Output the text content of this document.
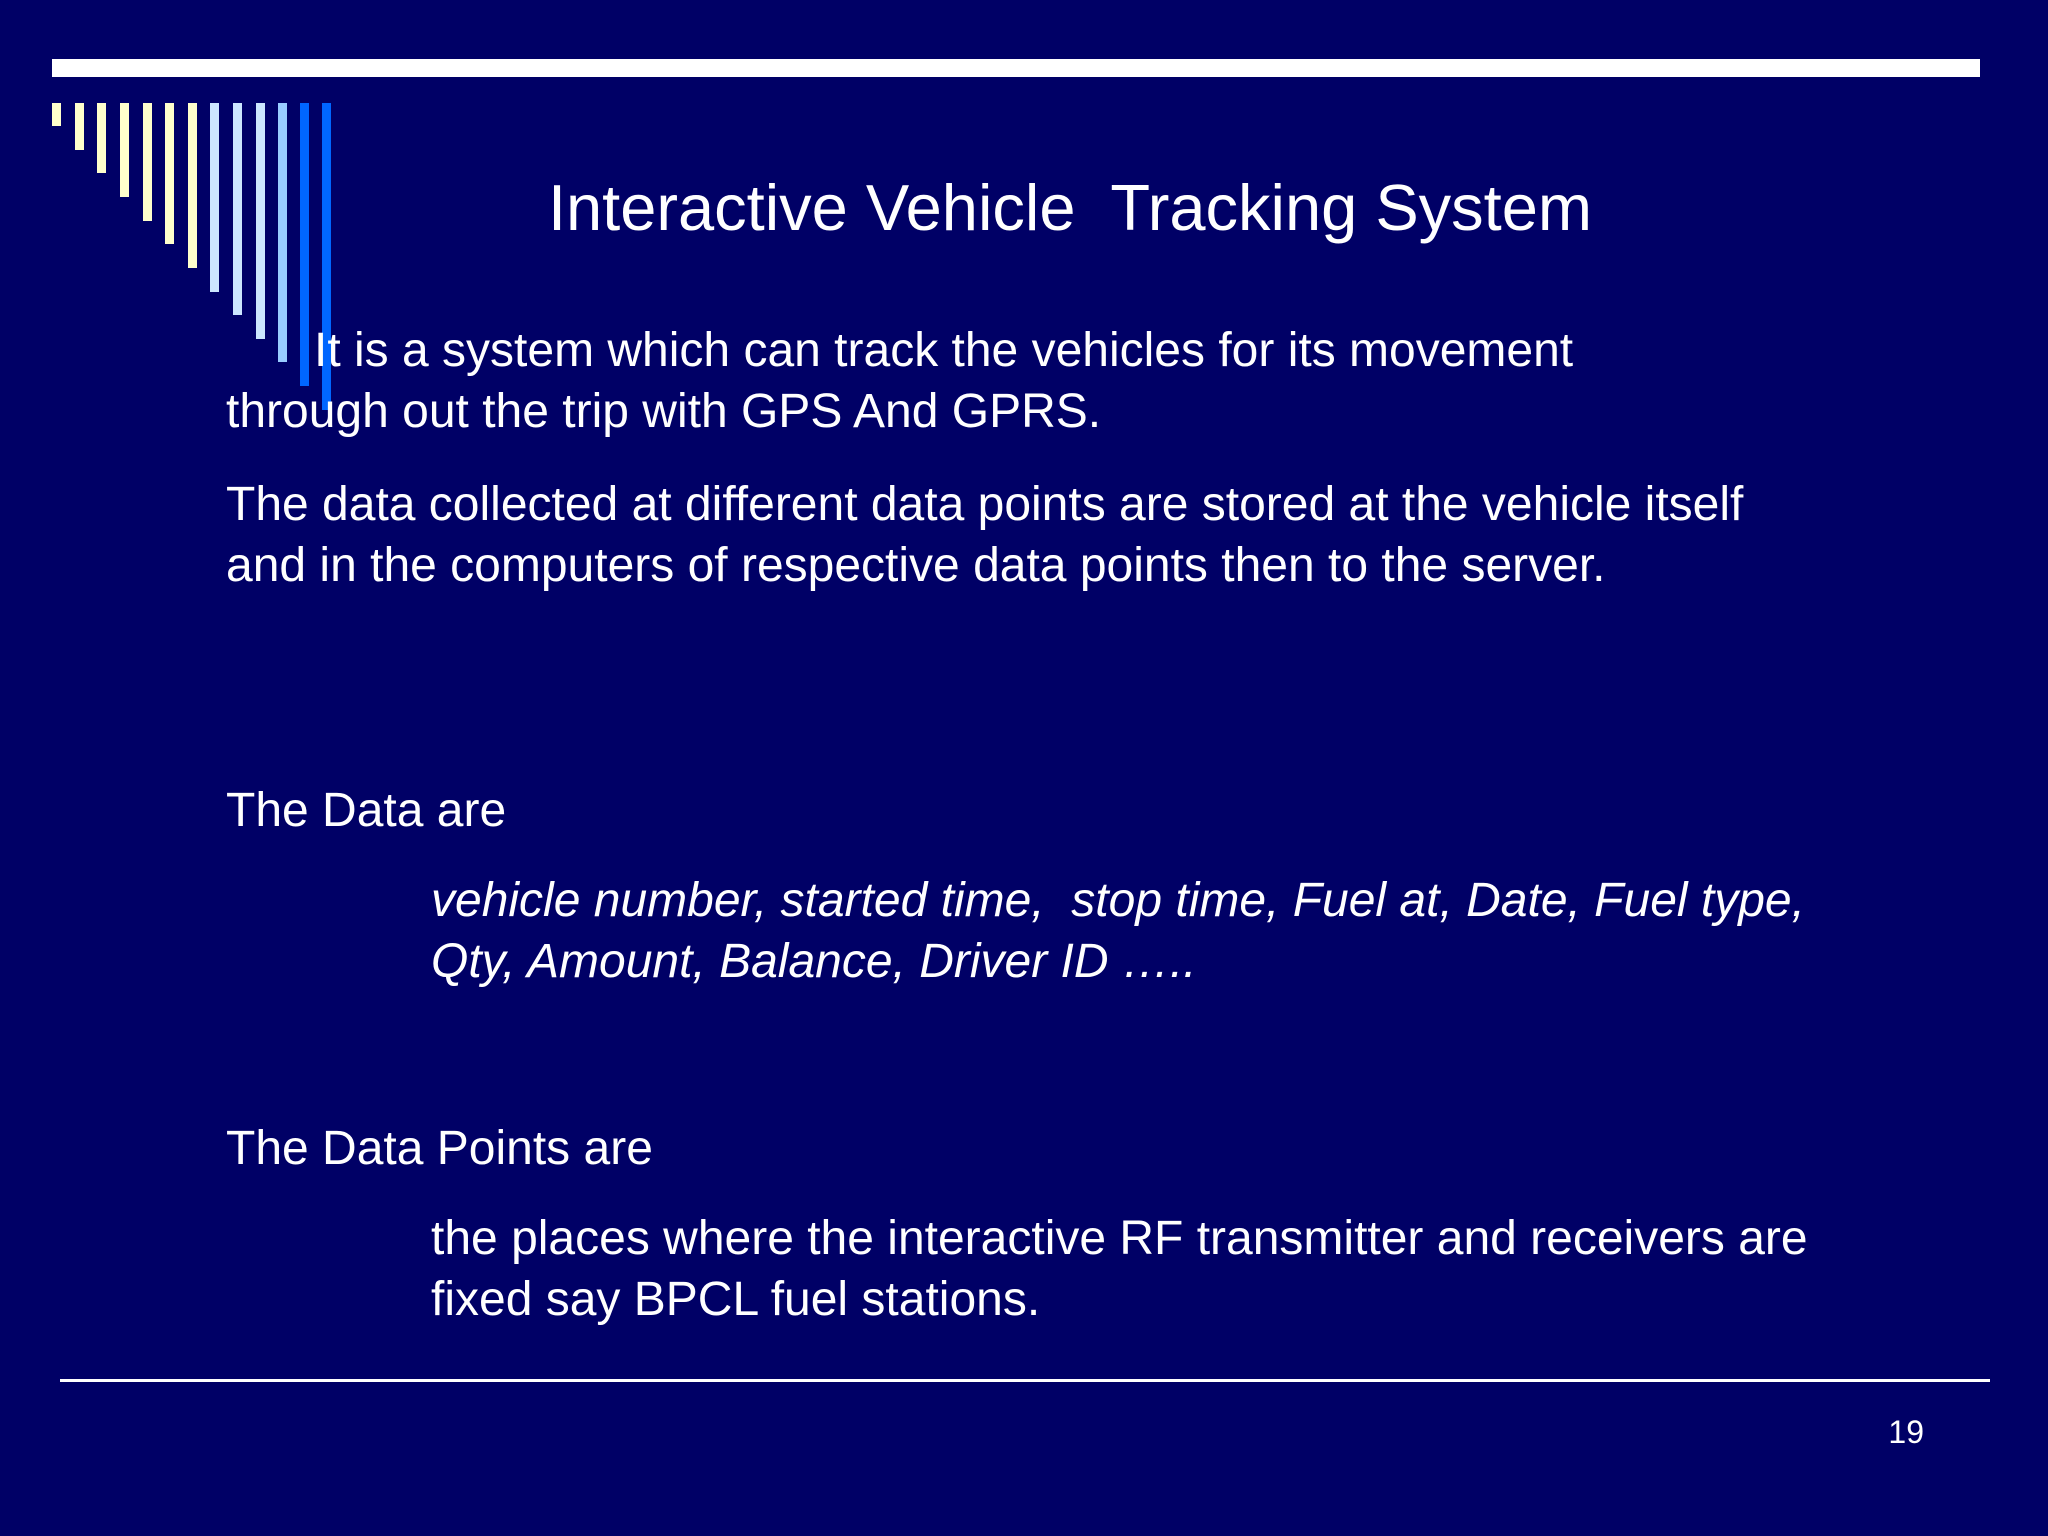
Interactive Vehicle  Tracking System

It is a system which can track the vehicles for its movement through out the trip with GPS And GPRS.

The data collected at different data points are stored at the vehicle itself and in the computers of respective data points then to the server.

The Data are

vehicle number, started time,  stop time, Fuel at, Date, Fuel type, Qty, Amount, Balance, Driver ID …..

The Data Points are

the places where the interactive RF transmitter and receivers are fixed say BPCL fuel stations.

19
